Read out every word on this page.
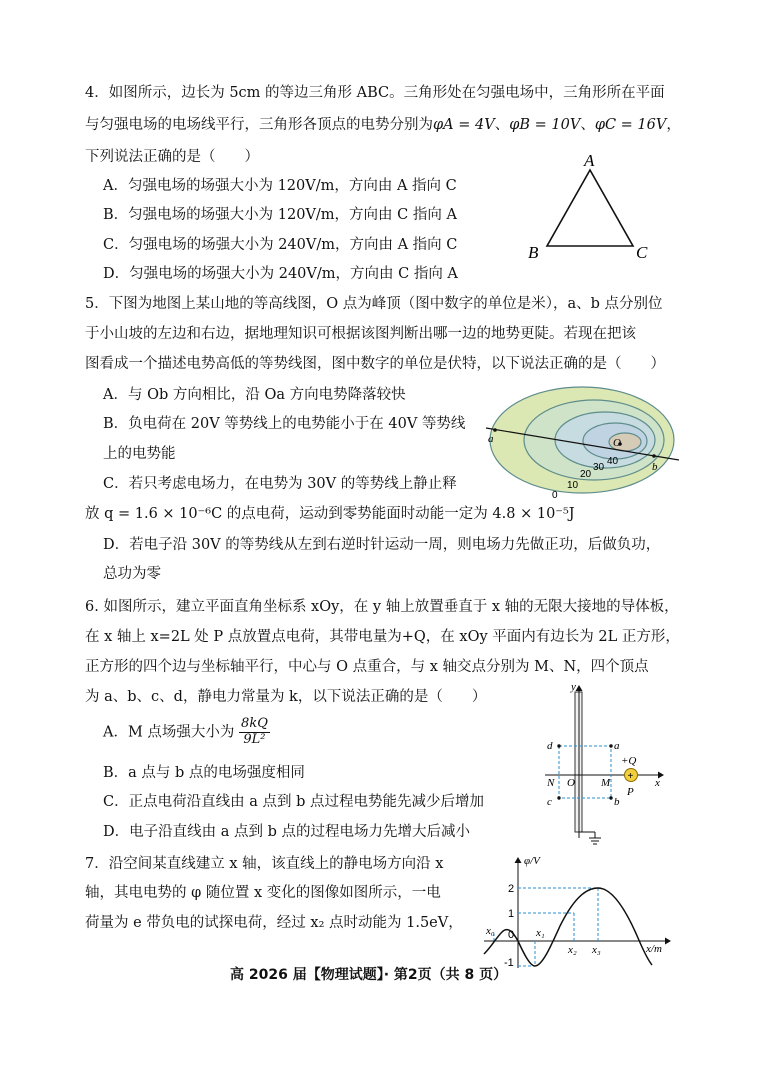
4．如图所示，边长为 5cm 的等边三角形 ABC。三角形处在匀强电场中，三角形所在平面
与匀强电场的电场线平行，三角形各顶点的电势分别为φA = 4V、φB = 10V、φC = 16V，
下列说法正确的是（　　）
A．匀强电场的场强大小为 120V/m，方向由 A 指向 C
B．匀强电场的场强大小为 120V/m，方向由 C 指向 A
C．匀强电场的场强大小为 240V/m，方向由 A 指向 C
D．匀强电场的场强大小为 240V/m，方向由 C 指向 A
A
B	C
5．下图为地图上某山地的等高线图，O 点为峰顶（图中数字的单位是米），a、b 点分别位
于小山坡的左边和右边，据地理知识可根据该图判断出哪一边的地势更陡。若现在把该
图看成一个描述电势高低的等势线图，图中数字的单位是伏特，以下说法正确的是（　　）
A．与 Ob 方向相比，沿 Oa 方向电势降落较快
B．负电荷在 20V 等势线上的电势能小于在 40V 等势线
上的电势能
C．若只考虑电场力，在电势为 30V 的等势线上静止释
放 q = 1.6 × 10⁻⁶C 的点电荷，运动到零势能面时动能一定为 4.8 × 10⁻⁵J
D．若电子沿 30V 的等势线从左到右逆时针运动一周，则电场力先做正功，后做负功，
总功为零
a
b
O
40
30
20
10
0
6. 如图所示，建立平面直角坐标系 xOy，在 y 轴上放置垂直于 x 轴的无限大接地的导体板，
在 x 轴上 x=2L 处 P 点放置点电荷，其带电量为+Q，在 xOy 平面内有边长为 2L 正方形，
正方形的四个边与坐标轴平行，中心与 O 点重合，与 x 轴交点分别为 M、N，四个顶点
为 a、b、c、d，静电力常量为 k，以下说法正确的是（　　）
A．M 点场强大小为 $\frac{8kQ}{\text{9L²}}$
B．a 点与 b 点的电场强度相同
C．正点电荷沿直线由 a 点到 b 点过程电势能先减少后增加
D．电子沿直线由 a 点到 b 点的过程电场力先增大后减小
+
y
x
O M
N
P
+Q
a
b
c
d
7．沿空间某直线建立 x 轴，该直线上的静电场方向沿 x
轴，其电电势的 φ 随位置 x 变化的图像如图所示，一电
荷量为 e 带负电的试探电荷，经过 x₂ 点时动能为 1.5eV，
φ/V
x/m
2
1
0
-1
x₀	x₁
x₂ x₃
高 2026 届【物理试题】· 第2页（共 8 页）
